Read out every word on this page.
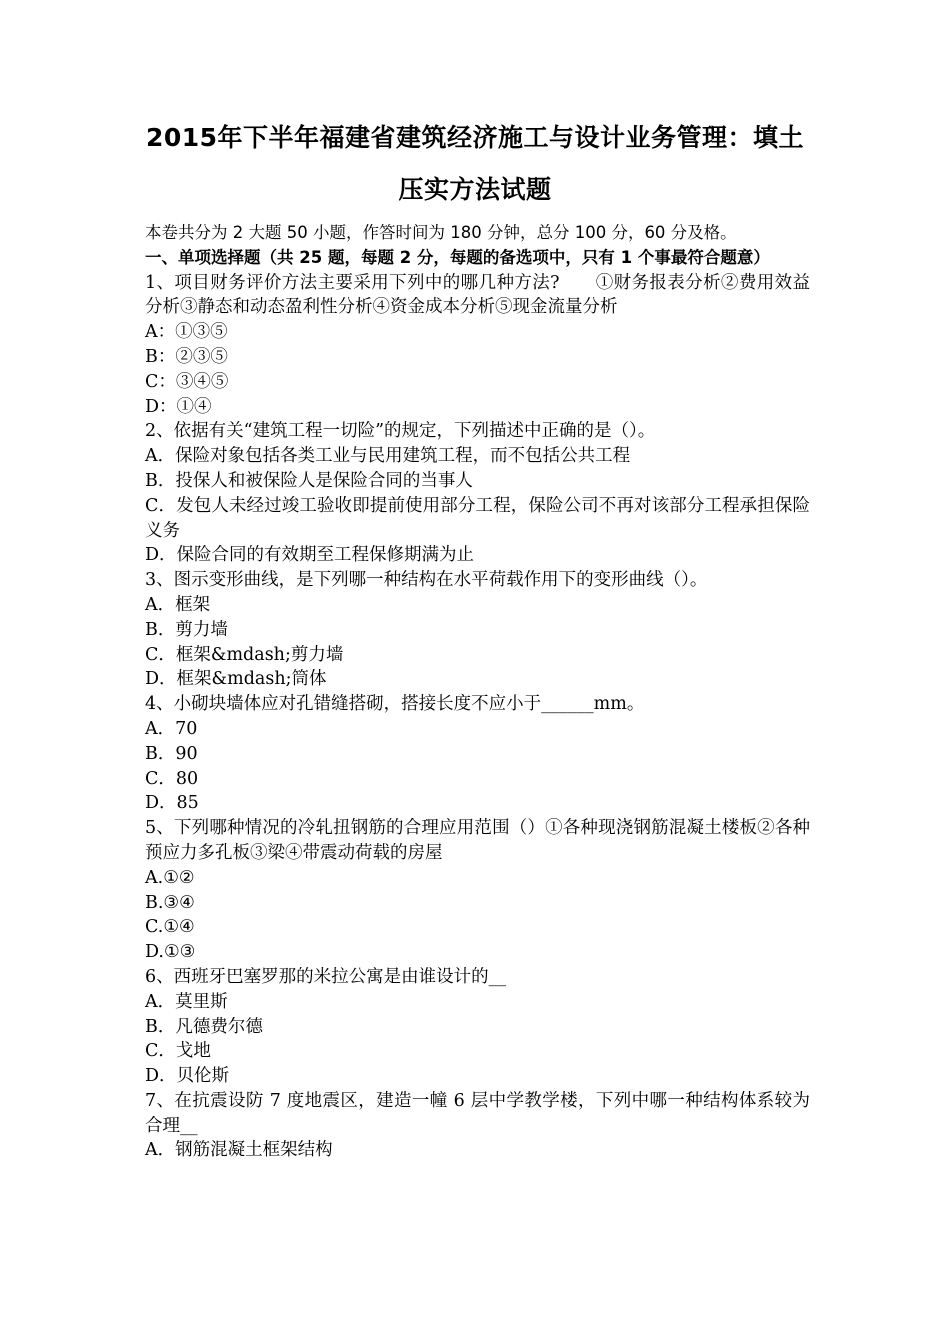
2015年下半年福建省建筑经济施工与设计业务管理：填土
压实方法试题

本卷共分为 2 大题 50 小题，作答时间为 180 分钟，总分 100 分，60 分及格。

一、单项选择题（共 25 题，每题 2 分，每题的备选项中，只有 1 个事最符合题意）

1、项目财务评价方法主要采用下列中的哪几种方法?　　①财务报表分析②费用效益分析③静态和动态盈利性分析④资金成本分析⑤现金流量分析

A：①③⑤

B：②③⑤

C：③④⑤

D：①④

2、依据有关“建筑工程一切险”的规定，下列描述中正确的是（）。

A．保险对象包括各类工业与民用建筑工程，而不包括公共工程

B．投保人和被保险人是保险合同的当事人

C．发包人未经过竣工验收即提前使用部分工程，保险公司不再对该部分工程承担保险义务

D．保险合同的有效期至工程保修期满为止

3、图示变形曲线，是下列哪一种结构在水平荷载作用下的变形曲线（）。

A．框架

B．剪力墙

C．框架&mdash;剪力墙

D．框架&mdash;筒体

4、小砌块墙体应对孔错缝搭砌，搭接长度不应小于______mm。

A．70

B．90

C．80

D．85

5、下列哪种情况的冷轧扭钢筋的合理应用范围（）①各种现浇钢筋混凝土楼板②各种预应力多孔板③梁④带震动荷载的房屋

A.①②

B.③④

C.①④

D.①③

6、西班牙巴塞罗那的米拉公寓是由谁设计的__

A．莫里斯

B．凡德费尔德

C．戈地

D．贝伦斯

7、在抗震设防 7 度地震区，建造一幢 6 层中学教学楼，下列中哪一种结构体系较为合理__

A．钢筋混凝土框架结构
